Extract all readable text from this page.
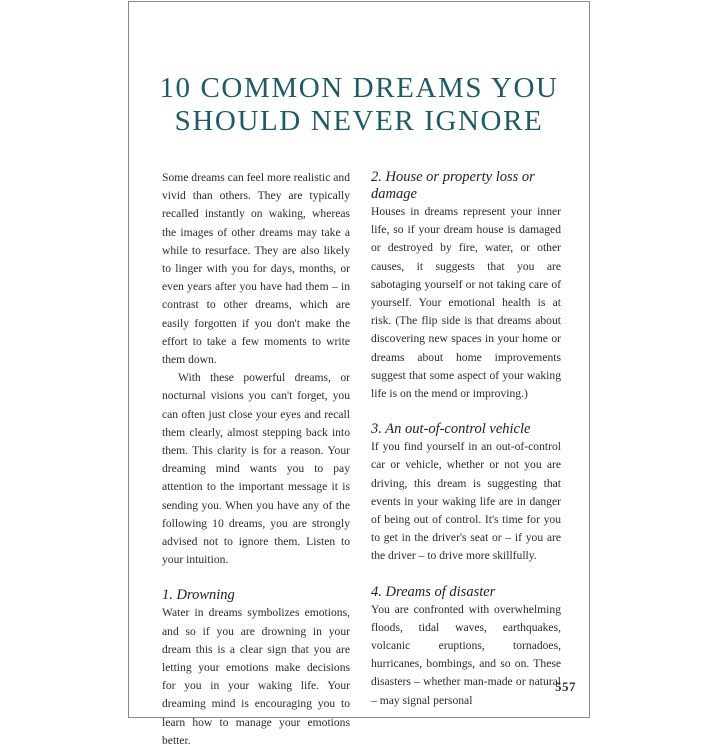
10 COMMON DREAMS YOU SHOULD NEVER IGNORE

Some dreams can feel more realistic and vivid than others. They are typically recalled instantly on waking, whereas the images of other dreams may take a while to resurface. They are also likely to linger with you for days, months, or even years after you have had them – in contrast to other dreams, which are easily forgotten if you don't make the effort to take a few moments to write them down.

With these powerful dreams, or nocturnal visions you can't forget, you can often just close your eyes and recall them clearly, almost stepping back into them. This clarity is for a reason. Your dreaming mind wants you to pay attention to the important message it is sending you. When you have any of the following 10 dreams, you are strongly advised not to ignore them. Listen to your intuition.

1. Drowning

Water in dreams symbolizes emotions, and so if you are drowning in your dream this is a clear sign that you are letting your emotions make decisions for you in your waking life. Your dreaming mind is encouraging you to learn how to manage your emotions better.

2. House or property loss or damage

Houses in dreams represent your inner life, so if your dream house is damaged or destroyed by fire, water, or other causes, it suggests that you are sabotaging yourself or not taking care of yourself. Your emotional health is at risk. (The flip side is that dreams about discovering new spaces in your home or dreams about home improvements suggest that some aspect of your waking life is on the mend or improving.)

3. An out-of-control vehicle

If you find yourself in an out-of-control car or vehicle, whether or not you are driving, this dream is suggesting that events in your waking life are in danger of being out of control. It's time for you to get in the driver's seat or – if you are the driver – to drive more skillfully.

4. Dreams of disaster

You are confronted with overwhelming floods, tidal waves, earthquakes, volcanic eruptions, tornadoes, hurricanes, bombings, and so on. These disasters – whether man-made or natural – may signal personal

557
